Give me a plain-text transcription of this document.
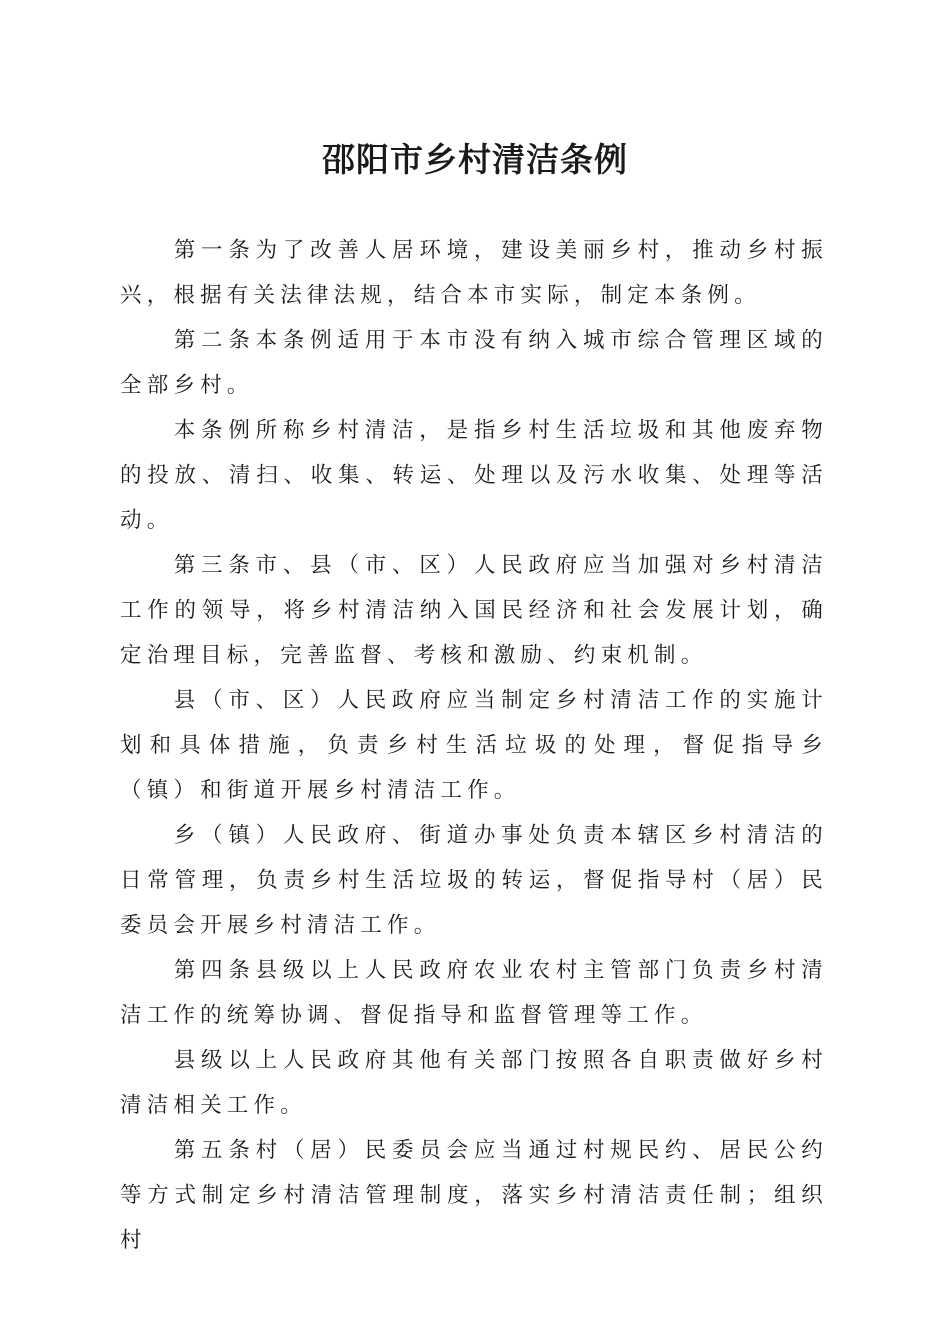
邵阳市乡村清洁条例

第一条为了改善人居环境，建设美丽乡村，推动乡村振兴，根据有关法律法规，结合本市实际，制定本条例。

第二条本条例适用于本市没有纳入城市综合管理区域的全部乡村。

本条例所称乡村清洁，是指乡村生活垃圾和其他废弃物的投放、清扫、收集、转运、处理以及污水收集、处理等活动。

第三条市、县（市、区）人民政府应当加强对乡村清洁工作的领导，将乡村清洁纳入国民经济和社会发展计划，确定治理目标，完善监督、考核和激励、约束机制。

县（市、区）人民政府应当制定乡村清洁工作的实施计划和具体措施，负责乡村生活垃圾的处理，督促指导乡（镇）和街道开展乡村清洁工作。

乡（镇）人民政府、街道办事处负责本辖区乡村清洁的日常管理，负责乡村生活垃圾的转运，督促指导村（居）民委员会开展乡村清洁工作。

第四条县级以上人民政府农业农村主管部门负责乡村清洁工作的统筹协调、督促指导和监督管理等工作。

县级以上人民政府其他有关部门按照各自职责做好乡村清洁相关工作。

第五条村（居）民委员会应当通过村规民约、居民公约等方式制定乡村清洁管理制度，落实乡村清洁责任制；组织村
